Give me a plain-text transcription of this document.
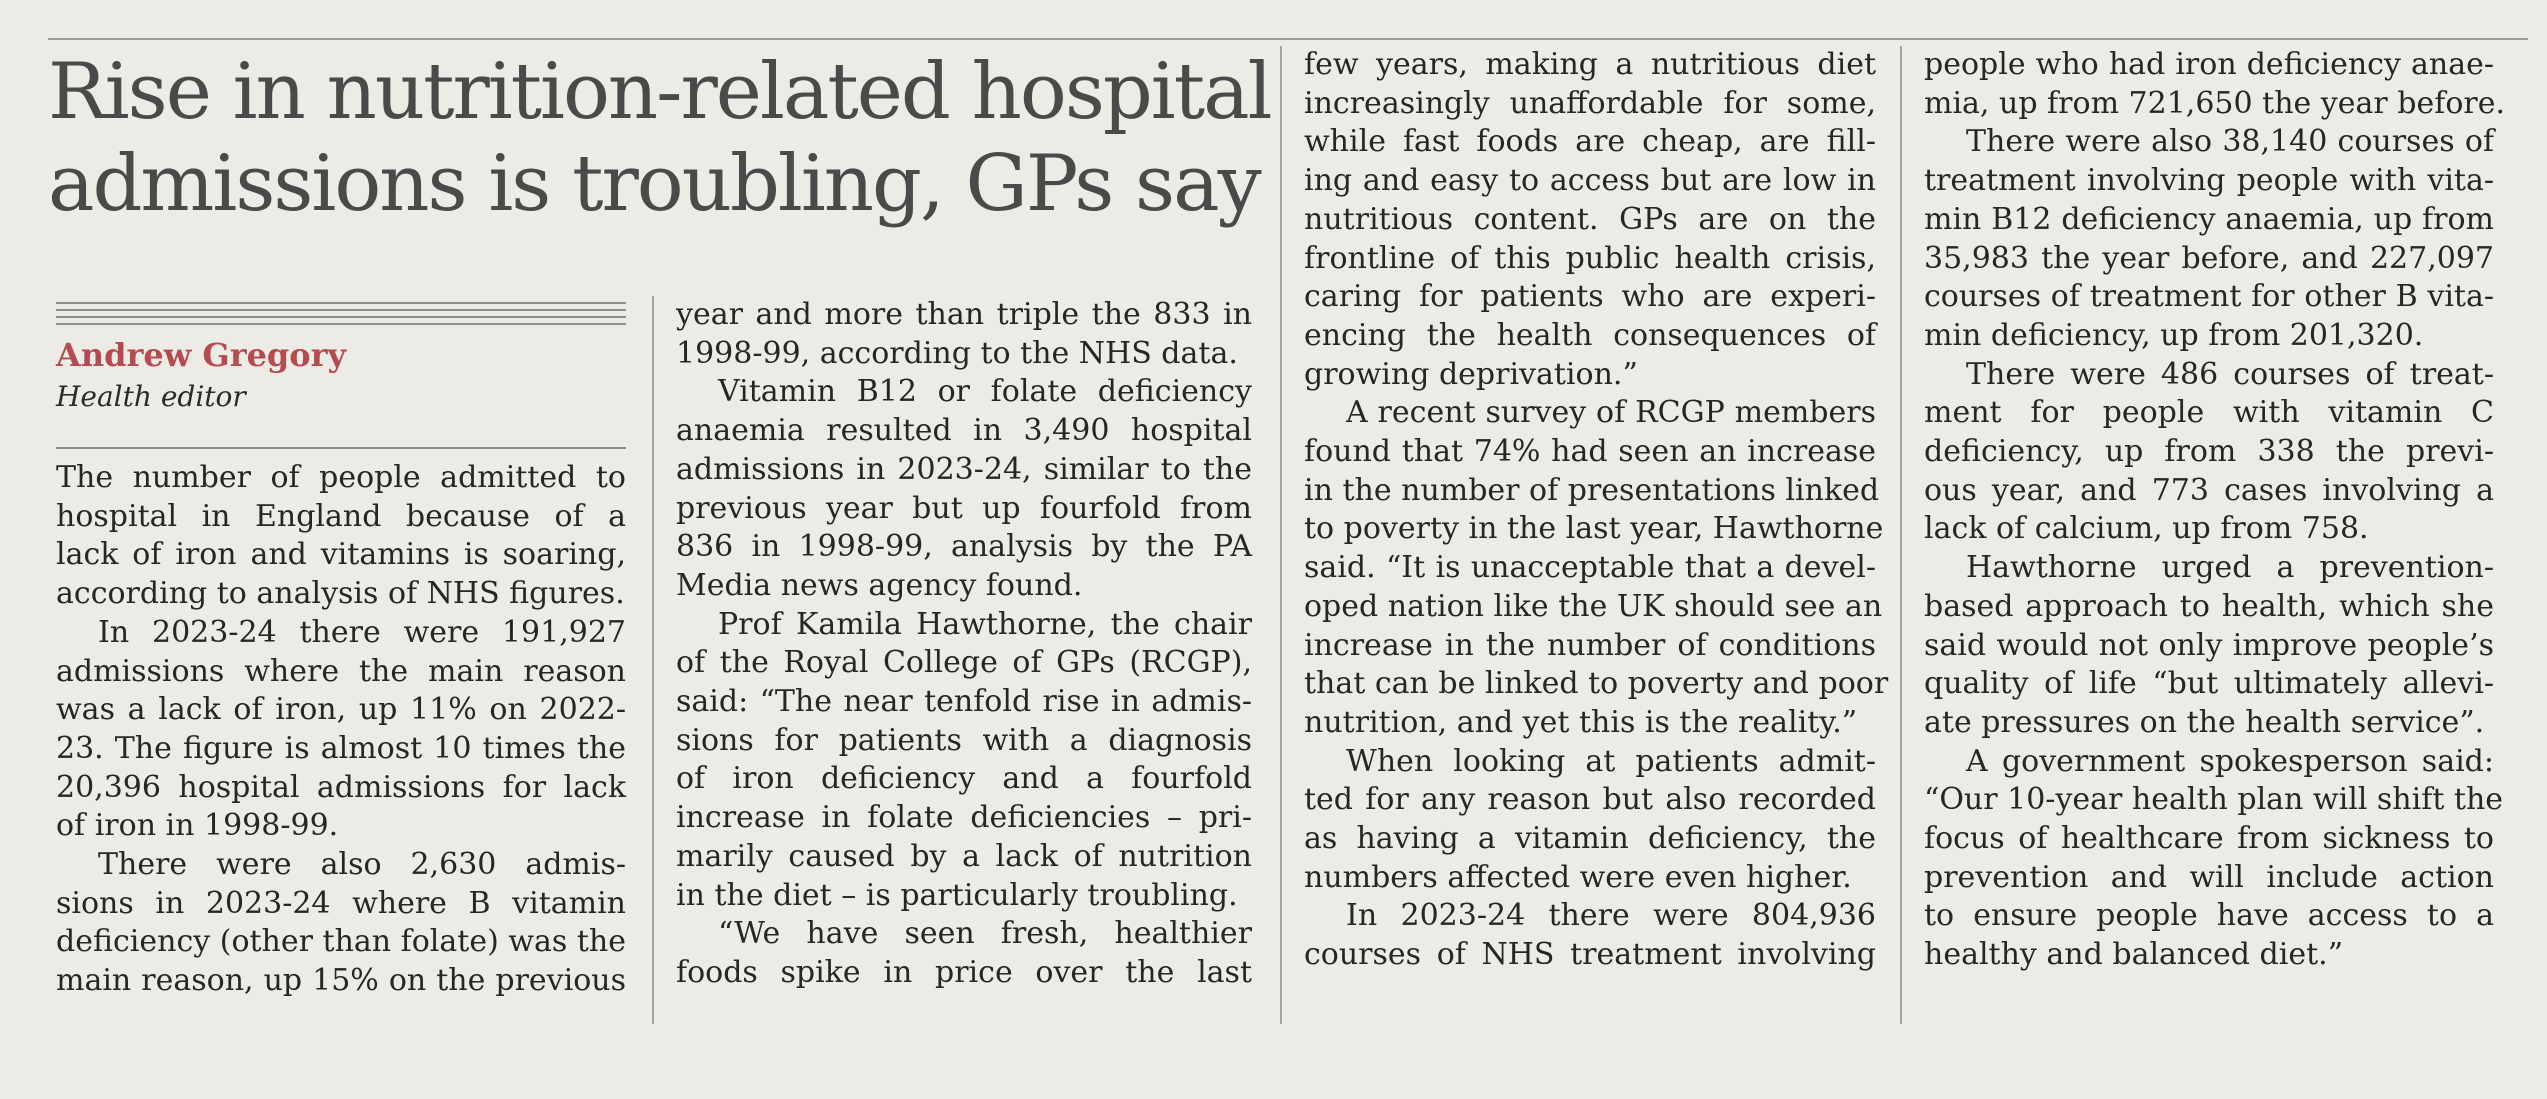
Rise in nutrition-related hospital
admissions is troubling, GPs say
Andrew Gregory
Health editor
The number of people admitted to
hospital in England because of a
lack of iron and vitamins is soaring,
according to analysis of NHS figures.
In 2023-24 there were 191,927
admissions where the main reason
was a lack of iron, up 11% on 2022-
23. The figure is almost 10 times the
20,396 hospital admissions for lack
of iron in 1998-99.
There were also 2,630 admis-
sions in 2023-24 where B vitamin
deficiency (other than folate) was the
main reason, up 15% on the previous
year and more than triple the 833 in
1998-99, according to the NHS data.
Vitamin B12 or folate deficiency
anaemia resulted in 3,490 hospital
admissions in 2023-24, similar to the
previous year but up fourfold from
836 in 1998-99, analysis by the PA
Media news agency found.
Prof Kamila Hawthorne, the chair
of the Royal College of GPs (RCGP),
said: “The near tenfold rise in admis-
sions for patients with a diagnosis
of iron deficiency and a fourfold
increase in folate deficiencies – pri-
marily caused by a lack of nutrition
in the diet – is particularly troubling.
“We have seen fresh, healthier
foods spike in price over the last
few years, making a nutritious diet
increasingly unaffordable for some,
while fast foods are cheap, are fill-
ing and easy to access but are low in
nutritious content. GPs are on the
frontline of this public health crisis,
caring for patients who are experi-
encing the health consequences of
growing deprivation.”
A recent survey of RCGP members
found that 74% had seen an increase
in the number of presentations linked
to poverty in the last year, Hawthorne
said. “It is unacceptable that a devel-
oped nation like the UK should see an
increase in the number of conditions
that can be linked to poverty and poor
nutrition, and yet this is the reality.”
When looking at patients admit-
ted for any reason but also recorded
as having a vitamin deficiency, the
numbers affected were even higher.
In 2023-24 there were 804,936
courses of NHS treatment involving
people who had iron deficiency anae-
mia, up from 721,650 the year before.
There were also 38,140 courses of
treatment involving people with vita-
min B12 deficiency anaemia, up from
35,983 the year before, and 227,097
courses of treatment for other B vita-
min deficiency, up from 201,320.
There were 486 courses of treat-
ment for people with vitamin C
deficiency, up from 338 the previ-
ous year, and 773 cases involving a
lack of calcium, up from 758.
Hawthorne urged a prevention-
based approach to health, which she
said would not only improve people’s
quality of life “but ultimately allevi-
ate pressures on the health service”.
A government spokesperson said:
“Our 10-year health plan will shift the
focus of healthcare from sickness to
prevention and will include action
to ensure people have access to a
healthy and balanced diet.”
